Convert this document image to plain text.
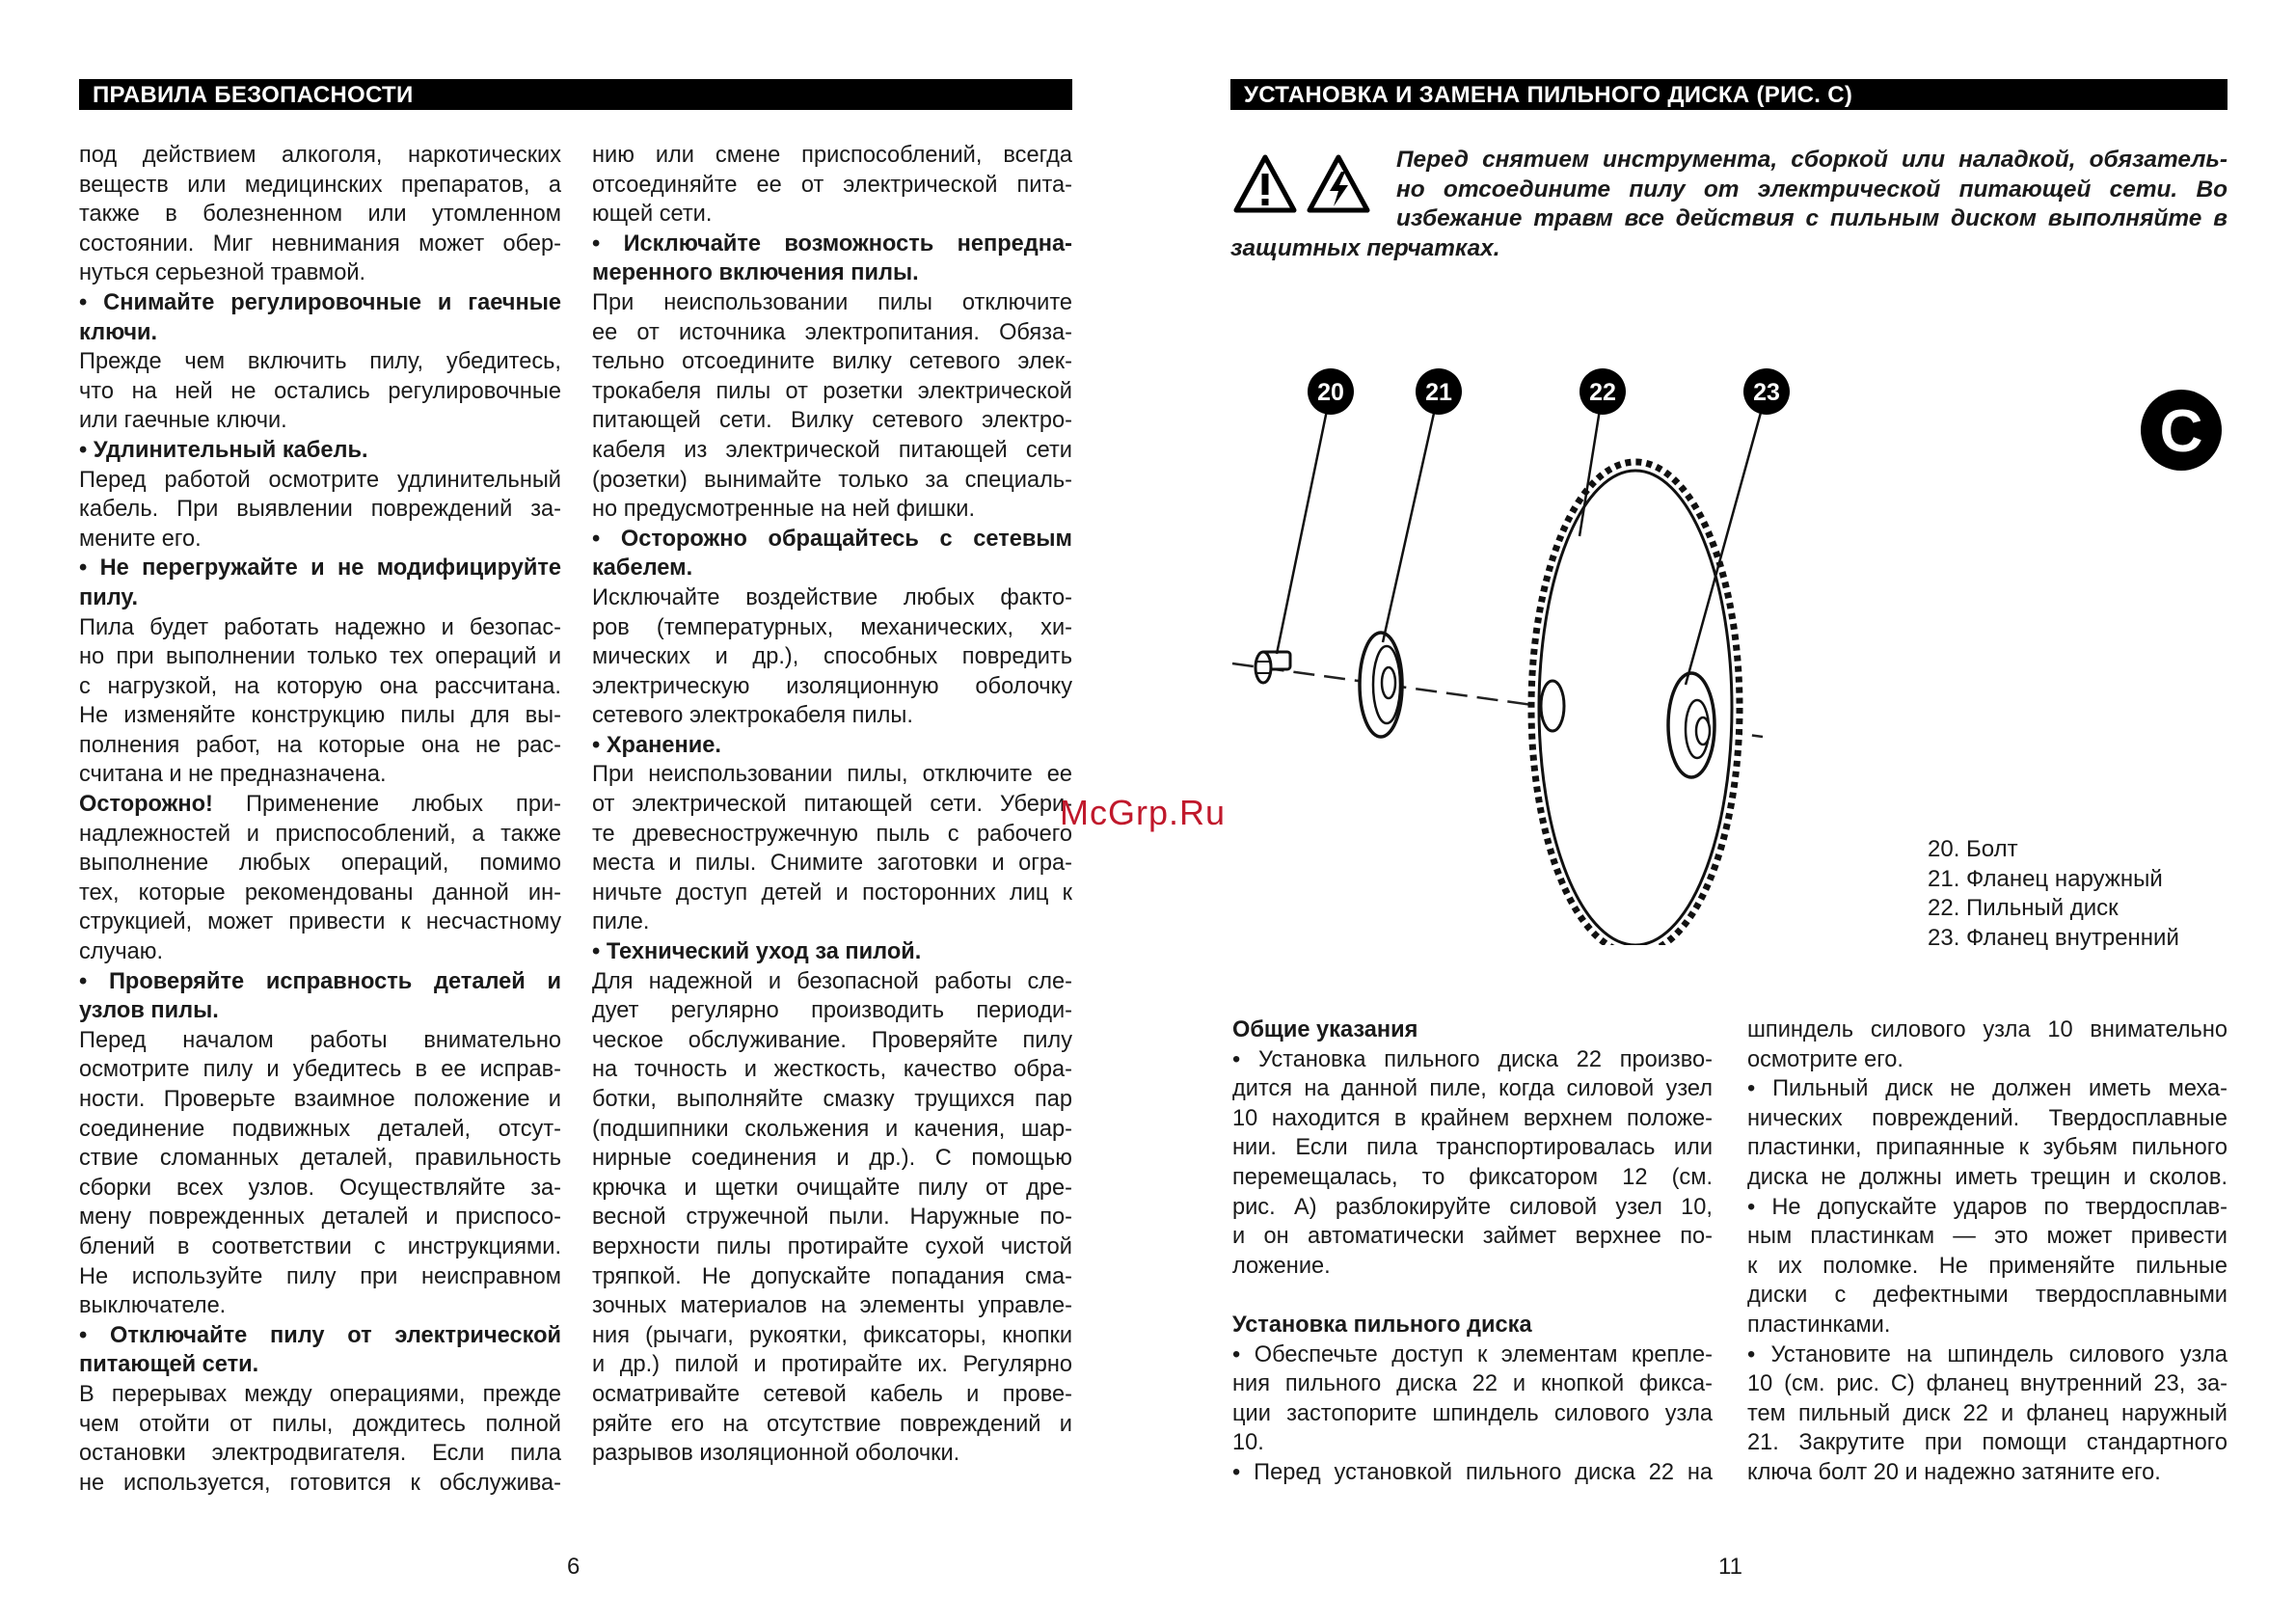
ПРАВИЛА БЕЗОПАСНОСТИ

под действием алкоголя, наркотических

веществ или медицинских препаратов, а

также в болезненном или утомленном

состоянии. Миг невнимания может обер-

нуться серьезной травмой.

• Снимайте регулировочные и гаечные

ключи.

Прежде чем включить пилу, убедитесь,

что на ней не остались регулировочные

или гаечные ключи.

• Удлинительный кабель.

Перед работой осмотрите удлинительный

кабель. При выявлении повреждений за-

мените его.

• Не перегружайте и не модифицируйте

пилу.

Пила будет работать надежно и безопас-

но при выполнении только тех операций и

с нагрузкой, на которую она рассчитана.

Не изменяйте конструкцию пилы для вы-

полнения работ, на которые она не рас-

считана и не предназначена.

Осторожно! Применение любых при-

надлежностей и приспособлений, а также

выполнение любых операций, помимо

тех, которые рекомендованы данной ин-

струкцией, может привести к несчастному

случаю.

• Проверяйте исправность деталей и

узлов пилы.

Перед началом работы внимательно

осмотрите пилу и убедитесь в ее исправ-

ности. Проверьте взаимное положение и

соединение подвижных деталей, отсут-

ствие сломанных деталей, правильность

сборки всех узлов. Осуществляйте за-

мену поврежденных деталей и приспосо-

блений в соответствии с инструкциями.

Не используйте пилу при неисправном

выключателе.

• Отключайте пилу от электрической

питающей сети.

В перерывах между операциями, прежде

чем отойти от пилы, дождитесь полной

остановки электродвигателя. Если пила

не используется, готовится к обслужива-

нию или смене приспособлений, всегда

отсоединяйте ее от электрической пита-

ющей сети.

• Исключайте возможность непредна-

меренного включения пилы.

При неиспользовании пилы отключите

ее от источника электропитания. Обяза-

тельно отсоедините вилку сетевого элек-

трокабеля пилы от розетки электрической

питающей сети. Вилку сетевого электро-

кабеля из электрической питающей сети

(розетки) вынимайте только за специаль-

но предусмотренные на ней фишки.

• Осторожно обращайтесь с сетевым

кабелем.

Исключайте воздействие любых факто-

ров (температурных, механических, хи-

мических и др.), способных повредить

электрическую изоляционную оболочку

сетевого электрокабеля пилы.

• Хранение.

При неиспользовании пилы, отключите ее

от электрической питающей сети. Убери-

те древесностружечную пыль с рабочего

места и пилы. Снимите заготовки и огра-

ничьте доступ детей и посторонних лиц к

пиле.

• Технический уход за пилой.

Для надежной и безопасной работы сле-

дует регулярно производить периоди-

ческое обслуживание. Проверяйте пилу

на точность и жесткость, качество обра-

ботки, выполняйте смазку трущихся пар

(подшипники скольжения и качения, шар-

нирные соединения и др.). С помощью

крючка и щетки очищайте пилу от дре-

весной стружечной пыли. Наружные по-

верхности пилы протирайте сухой чистой

тряпкой. Не допускайте попадания сма-

зочных материалов на элементы управле-

ния (рычаги, рукоятки, фиксаторы, кнопки

и др.) пилой и протирайте их. Регулярно

осматривайте сетевой кабель и прове-

ряйте его на отсутствие повреждений и

разрывов изоляционной оболочки.

6
УСТАНОВКА И ЗАМЕНА ПИЛЬНОГО ДИСКА (РИС. С)

Перед снятием инструмента, сборкой или наладкой, обязатель-

но отсоедините пилу от электрической питающей сети. Во

избежание травм все действия с пильным диском выполняйте в

защитных перчатках.

20	21	22	23
C
McGrp.Ru
20. Болт
21. Фланец наружный
22. Пильный диск
23. Фланец внутренний

Общие указания

• Установка пильного диска 22 произво-

дится на данной пиле, когда силовой узел

10 находится в крайнем верхнем положе-

нии. Если пила транспортировалась или

перемещалась, то фиксатором 12 (см.

рис. А) разблокируйте силовой узел 10,

и он автоматически займет верхнее по-

ложение.

Установка пильного диска

• Обеспечьте доступ к элементам крепле-

ния пильного диска 22 и кнопкой фикса-

ции застопорите шпиндель силового узла

10.

• Перед установкой пильного диска 22 на

шпиндель силового узла 10 внимательно

осмотрите его.

• Пильный диск не должен иметь меха-

нических повреждений. Твердосплавные

пластинки, припаянные к зубьям пильного

диска не должны иметь трещин и сколов.

• Не допускайте ударов по твердосплав-

ным пластинкам — это может привести

к их поломке. Не применяйте пильные

диски с дефектными твердосплавными

пластинками.

• Установите на шпиндель силового узла

10 (см. рис. С) фланец внутренний 23, за-

тем пильный диск 22 и фланец наружный

21. Закрутите при помощи стандартного

ключа болт 20 и надежно затяните его.

11
